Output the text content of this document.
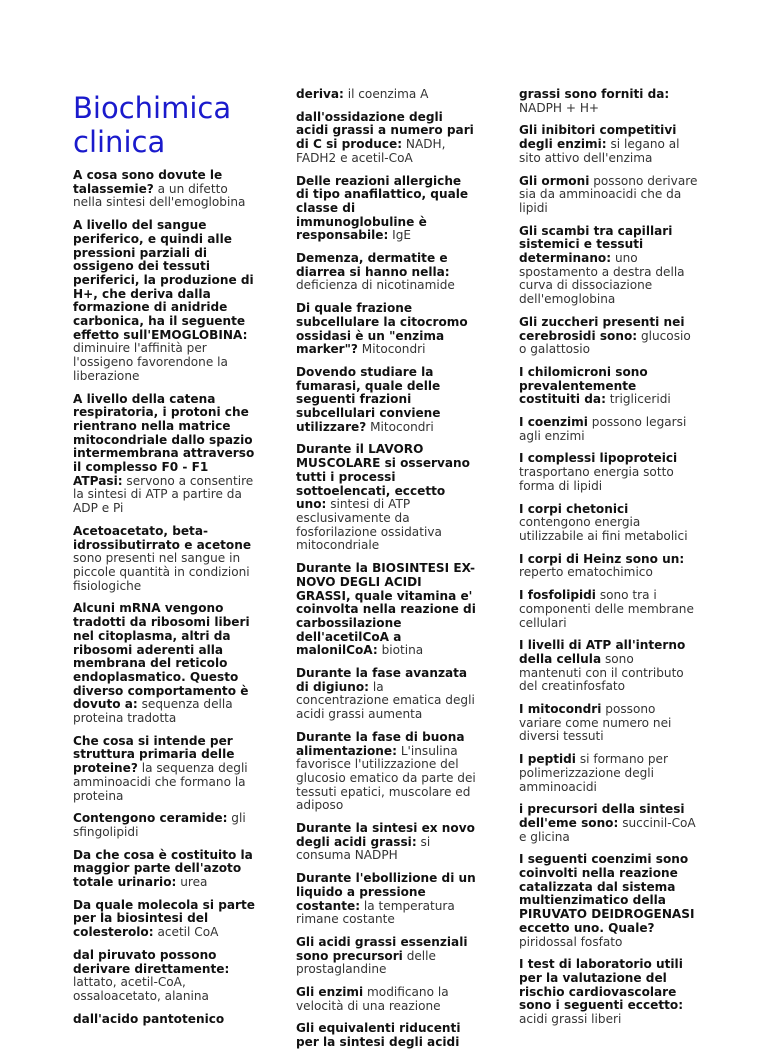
Biochimica clinica
A cosa sono dovute le talassemie? a un difetto nella sintesi dell'emoglobina
A livello del sangue periferico, e quindi alle pressioni parziali di ossigeno dei tessuti periferici, la produzione di H+, che deriva dalla formazione di anidride carbonica, ha il seguente effetto sull'EMOGLOBINA: diminuire l'affinità per l'ossigeno favorendone la liberazione
A livello della catena respiratoria, i protoni che rientrano nella matrice mitocondriale dallo spazio intermembrana attraverso il complesso F0 - F1 ATPasi: servono a consentire la sintesi di ATP a partire da ADP e Pi
Acetoacetato, beta-idrossibutirrato e acetone sono presenti nel sangue in piccole quantità in condizioni fisiologiche
Alcuni mRNA vengono tradotti da ribosomi liberi nel citoplasma, altri da ribosomi aderenti alla membrana del reticolo endoplasmatico. Questo diverso comportamento è dovuto a: sequenza della proteina tradotta
Che cosa si intende per struttura primaria delle proteine? la sequenza degli amminoacidi che formano la proteina
Contengono ceramide: gli sfingolipidi
Da che cosa è costituito la maggior parte dell'azoto totale urinario: urea
Da quale molecola si parte per la biosintesi del colesterolo: acetil CoA
dal piruvato possono derivare direttamente: lattato, acetil-CoA, ossaloacetato, alanina
dall'acido pantotenico
deriva: il coenzima A
dall'ossidazione degli acidi grassi a numero pari di C si produce: NADH, FADH2 e acetil-CoA
Delle reazioni allergiche di tipo anafilattico, quale classe di immunoglobuline è responsabile: IgE
Demenza, dermatite e diarrea si hanno nella: deficienza di nicotinamide
Di quale frazione subcellulare la citocromo ossidasi è un "enzima marker"? Mitocondri
Dovendo studiare la fumarasi, quale delle seguenti frazioni subcellulari conviene utilizzare? Mitocondri
Durante il LAVORO MUSCOLARE si osservano tutti i processi sottoelencati, eccetto uno: sintesi di ATP esclusivamente da fosforilazione ossidativa mitocondriale
Durante la BIOSINTESI EX-NOVO DEGLI ACIDI GRASSI, quale vitamina e' coinvolta nella reazione di carbossilazione dell'acetilCoA a malonilCoA: biotina
Durante la fase avanzata di digiuno: la concentrazione ematica degli acidi grassi aumenta
Durante la fase di buona alimentazione: L'insulina favorisce l'utilizzazione del glucosio ematico da parte dei tessuti epatici, muscolare ed adiposo
Durante la sintesi ex novo degli acidi grassi: si consuma NADPH
Durante l'ebollizione di un liquido a pressione costante: la temperatura rimane costante
Gli acidi grassi essenziali sono precursori delle prostaglandine
Gli enzimi modificano la velocità di una reazione
Gli equivalenti riducenti per la sintesi degli acidi
grassi sono forniti da: NADPH + H+
Gli inibitori competitivi degli enzimi: si legano al sito attivo dell'enzima
Gli ormoni possono derivare sia da amminoacidi che da lipidi
Gli scambi tra capillari sistemici e tessuti determinano: uno spostamento a destra della curva di dissociazione dell'emoglobina
Gli zuccheri presenti nei cerebrosidi sono: glucosio o galattosio
I chilomicroni sono prevalentemente costituiti da: trigliceridi
I coenzimi possono legarsi agli enzimi
I complessi lipoproteici trasportano energia sotto forma di lipidi
I corpi chetonici contengono energia utilizzabile ai fini metabolici
I corpi di Heinz sono un: reperto ematochimico
I fosfolipidi sono tra i componenti delle membrane cellulari
I livelli di ATP all'interno della cellula sono mantenuti con il contributo del creatinfosfato
I mitocondri possono variare come numero nei diversi tessuti
I peptidi si formano per polimerizzazione degli amminoacidi
i precursori della sintesi dell'eme sono: succinil-CoA e glicina
I seguenti coenzimi sono coinvolti nella reazione catalizzata dal sistema multienzimatico della PIRUVATO DEIDROGENASI eccetto uno. Quale? piridossal fosfato
I test di laboratorio utili per la valutazione del rischio cardiovascolare sono i seguenti eccetto: acidi grassi liberi
